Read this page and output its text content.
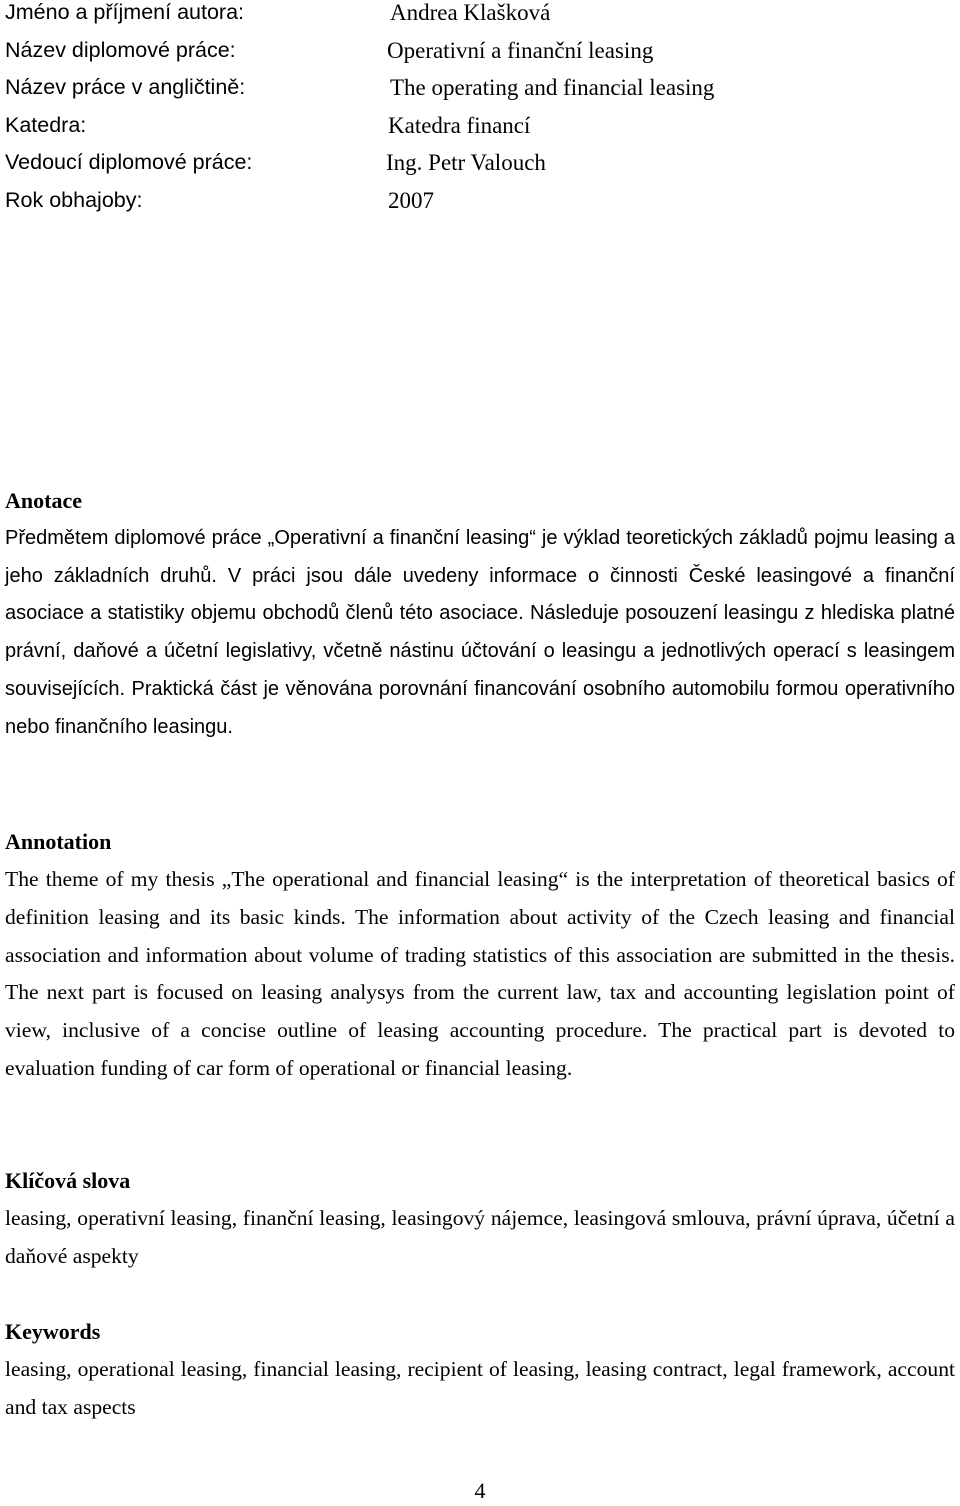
Jméno a příjmení autora:	Andrea Klašková
Název diplomové práce:	Operativní a finanční leasing
Název práce v angličtině:	The operating and financial leasing
Katedra:	Katedra financí
Vedoucí diplomové práce:	Ing. Petr Valouch
Rok obhajoby:	2007
Anotace

Předmětem diplomové práce „Operativní a finanční leasing“ je výklad teoretických základů pojmu leasing a jeho základních druhů. V práci jsou dále uvedeny informace o činnosti České leasingové a finanční asociace a statistiky objemu obchodů členů této asociace. Následuje posouzení leasingu z hlediska platné právní, daňové a účetní legislativy, včetně nástinu účtování o leasingu a jednotlivých operací s leasingem souvisejících. Praktická část je věnována porovnání financování osobního automobilu formou operativního nebo finančního leasingu.

Annotation

The theme of my thesis „The operational and financial leasing“ is the interpretation of theoretical basics of definition leasing and its basic kinds. The information about activity of the Czech leasing and financial association and information about volume of trading statistics of this association are submitted in the thesis. The next part is focused on leasing analysys from the current law, tax and accounting legislation point of view, inclusive of a concise outline of leasing accounting procedure. The practical part is devoted to evaluation funding of car form of operational or financial leasing.

Klíčová slova

leasing, operativní leasing, finanční leasing, leasingový nájemce, leasingová smlouva, právní úprava, účetní a daňové aspekty

Keywords

leasing, operational leasing, financial leasing, recipient of leasing, leasing contract, legal framework, account and tax aspects

4
